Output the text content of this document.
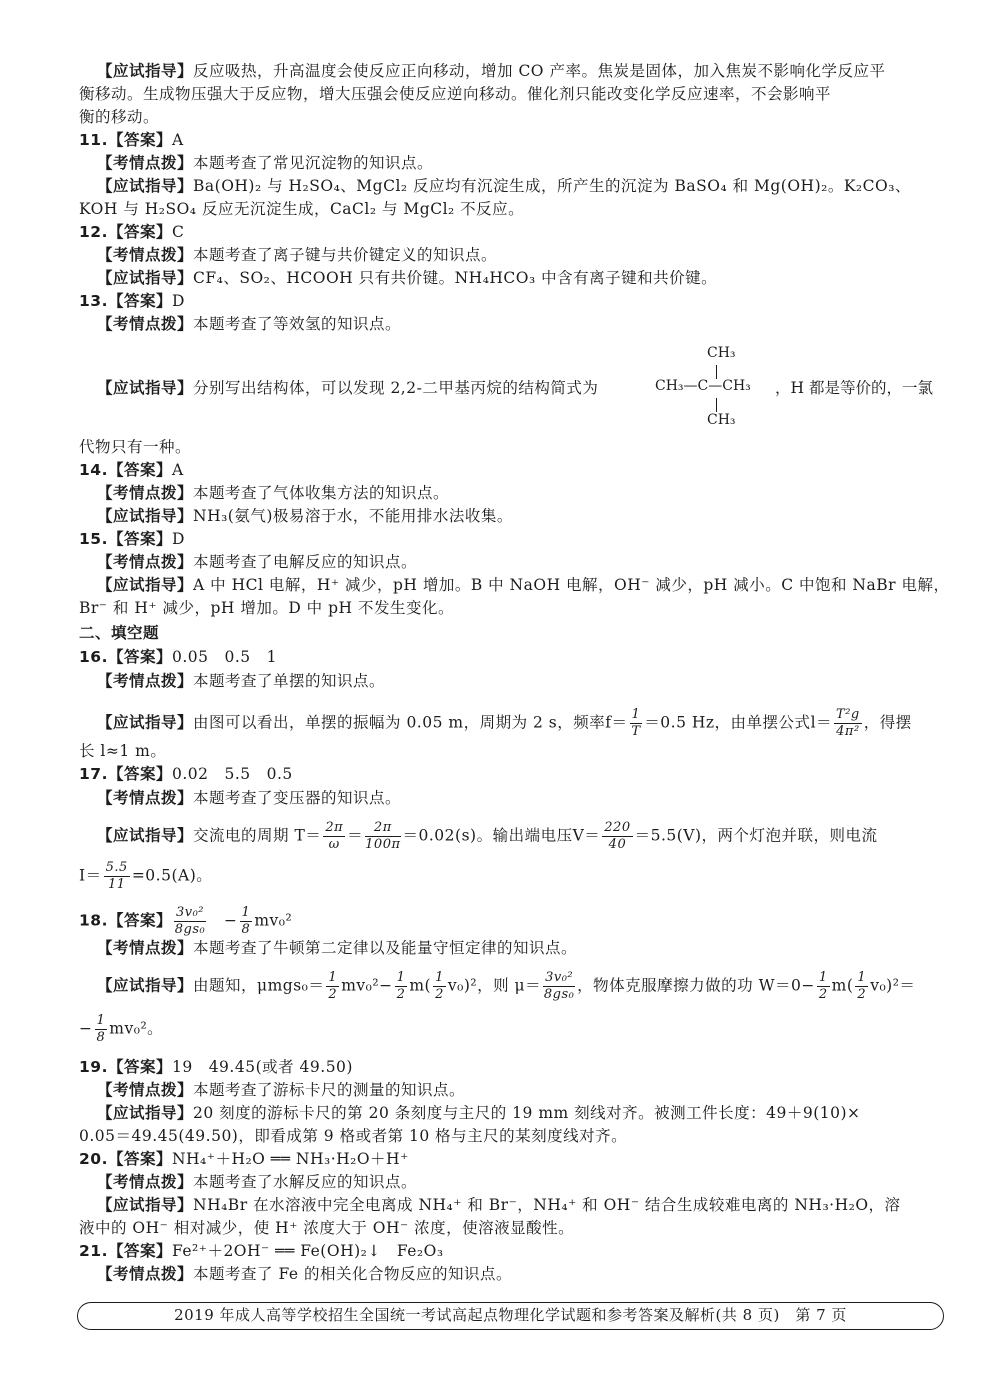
【应试指导】反应吸热，升高温度会使反应正向移动，增加 CO 产率。焦炭是固体，加入焦炭不影响化学反应平
衡移动。生成物压强大于反应物，增大压强会使反应逆向移动。催化剂只能改变化学反应速率，不会影响平
衡的移动。
11.【答案】A
【考情点拨】本题考查了常见沉淀物的知识点。
【应试指导】Ba(OH)₂ 与 H₂SO₄、MgCl₂ 反应均有沉淀生成，所产生的沉淀为 BaSO₄ 和 Mg(OH)₂。K₂CO₃、
KOH 与 H₂SO₄ 反应无沉淀生成，CaCl₂ 与 MgCl₂ 不反应。
12.【答案】C
【考情点拨】本题考查了离子键与共价键定义的知识点。
【应试指导】CF₄、SO₂、HCOOH 只有共价键。NH₄HCO₃ 中含有离子键和共价键。
13.【答案】D
【考情点拨】本题考查了等效氢的知识点。
【应试指导】分别写出结构体，可以发现 2,2-二甲基丙烷的结构简式为
CH₃
CH₃—C—CH₃
CH₃
，H 都是等价的，一氯
代物只有一种。
14.【答案】A
【考情点拨】本题考查了气体收集方法的知识点。
【应试指导】NH₃(氨气)极易溶于水，不能用排水法收集。
15.【答案】D
【考情点拨】本题考查了电解反应的知识点。
【应试指导】A 中 HCl 电解，H⁺ 减少，pH 增加。B 中 NaOH 电解，OH⁻ 减少，pH 减小。C 中饱和 NaBr 电解，
Br⁻ 和 H⁺ 减少，pH 增加。D 中 pH 不发生变化。
二、填空题
16.【答案】0.05　0.5　1
【考情点拨】本题考查了单摆的知识点。
【应试指导】由图可以看出，单摆的振幅为 0.05 m，周期为 2 s，频率$f= \frac{1}{T} =0.5$ Hz，由单摆公式$l= \frac{\text{T²g}}{\text{4π²}}$ ，得摆
长 l≈1 m。
17.【答案】0.02　5.5　0.5
【考情点拨】本题考查了变压器的知识点。
【应试指导】交流电的周期 $T= \frac{2\pi}{\omega} = \frac{2\pi}{100\pi} =0.02(s)$。输出端电压$V= \frac{220}{40} =5.5(V)$，两个灯泡并联，则电流
$I= \frac{5.5}{11} =0.5(A)$。
18.【答案】 $\frac{\text{3v₀²}}{\text{8gs₀}}$
　 − $\frac{1}{8} mv_0^2$
【考情点拨】本题考查了牛顿第二定律以及能量守恒定律的知识点。
【应试指导】由题知，$\mu mgs_0= \frac{1}{2} mv_0^2- \frac{1}{2} m( \frac{1}{2} v_0)^2$，则 $\mu= \frac{\text{3v₀²}}{\text{8gs₀}}$ ，物体克服摩擦力做的功 $W=0- \frac{1}{2} m( \frac{1}{2} v_0)^2=$
− $\frac{1}{8} mv_0^2$。
19.【答案】19　49.45(或者 49.50)
【考情点拨】本题考查了游标卡尺的测量的知识点。
【应试指导】20 刻度的游标卡尺的第 20 条刻度与主尺的 19 mm 刻线对齐。被测工件长度：49＋9(10)×
0.05＝49.45(49.50)，即看成第 9 格或者第 10 格与主尺的某刻度线对齐。
20.【答案】NH₄⁺＋H₂O ══ NH₃·H₂O＋H⁺
【考情点拨】本题考查了水解反应的知识点。
【应试指导】NH₄Br 在水溶液中完全电离成 NH₄⁺ 和 Br⁻，NH₄⁺ 和 OH⁻ 结合生成较难电离的 NH₃·H₂O，溶
液中的 OH⁻ 相对减少，使 H⁺ 浓度大于 OH⁻ 浓度，使溶液显酸性。
21.【答案】Fe²⁺＋2OH⁻ ══ Fe(OH)₂↓　Fe₂O₃
【考情点拨】本题考查了 Fe 的相关化合物反应的知识点。
2019 年成人高等学校招生全国统一考试高起点物理化学试题和参考答案及解析(共 8 页)　第 7 页
